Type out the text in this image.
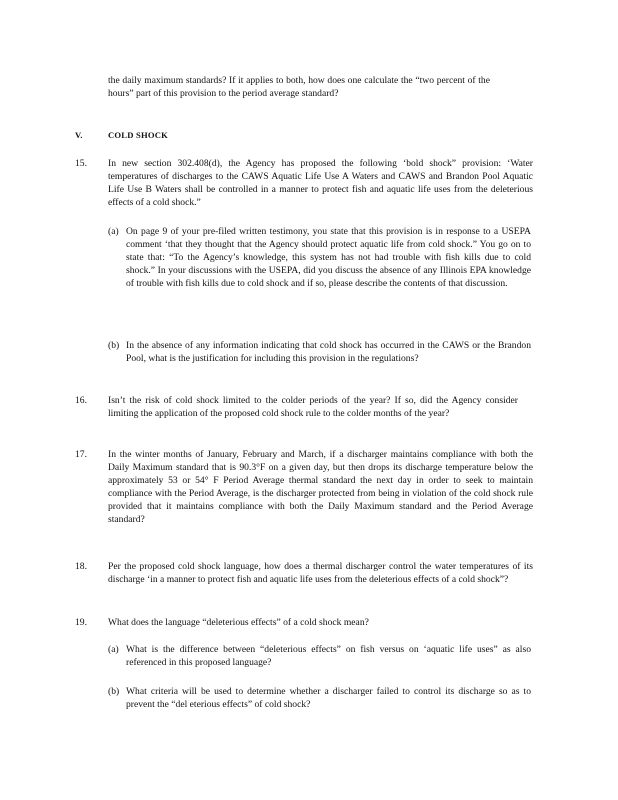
the daily maximum standards? If it applies to both, how does one calculate the “two percent of the hours” part of this provision to the period average standard?

V.	COLD SHOCK
15. In new section 302.408(d), the Agency has proposed the following ‘bold shock” provision: ‘Water temperatures of discharges to the CAWS Aquatic Life Use A Waters and CAWS and Brandon Pool Aquatic Life Use B Waters shall be controlled in a manner to protect fish and aquatic life uses from the deleterious effects of a cold shock.”

(a) On page 9 of your pre-filed written testimony, you state that this provision is in response to a USEPA comment ‘that they thought that the Agency should protect aquatic life from cold shock.” You go on to state that: “To the Agency’s knowledge, this system has not had trouble with fish kills due to cold shock.” In your discussions with the USEPA, did you discuss the absence of any Illinois EPA knowledge of trouble with fish kills due to cold shock and if so, please describe the contents of that discussion.

(b) In the absence of any information indicating that cold shock has occurred in the CAWS or the Brandon Pool, what is the justification for including this provision in the regulations?

16. Isn’t the risk of cold shock limited to the colder periods of the year? If so, did the Agency consider limiting the application of the proposed cold shock rule to the colder months of the year?

17. In the winter months of January, February and March, if a discharger maintains compliance with both the Daily Maximum standard that is 90.3°F on a given day, but then drops its discharge temperature below the approximately 53 or 54° F Period Average thermal standard the next day in order to seek to maintain compliance with the Period Average, is the discharger protected from being in violation of the cold shock rule provided that it maintains compliance with both the Daily Maximum standard and the Period Average standard?

18. Per the proposed cold shock language, how does a thermal discharger control the water temperatures of its discharge ‘in a manner to protect fish and aquatic life uses from the deleterious effects of a cold shock”?

19. What does the language “deleterious effects” of a cold shock mean?

(a) What is the difference between “deleterious effects” on fish versus on ‘aquatic life uses” as also referenced in this proposed language?

(b) What criteria will be used to determine whether a discharger failed to control its discharge so as to prevent the “del eterious effects” of cold shock?
